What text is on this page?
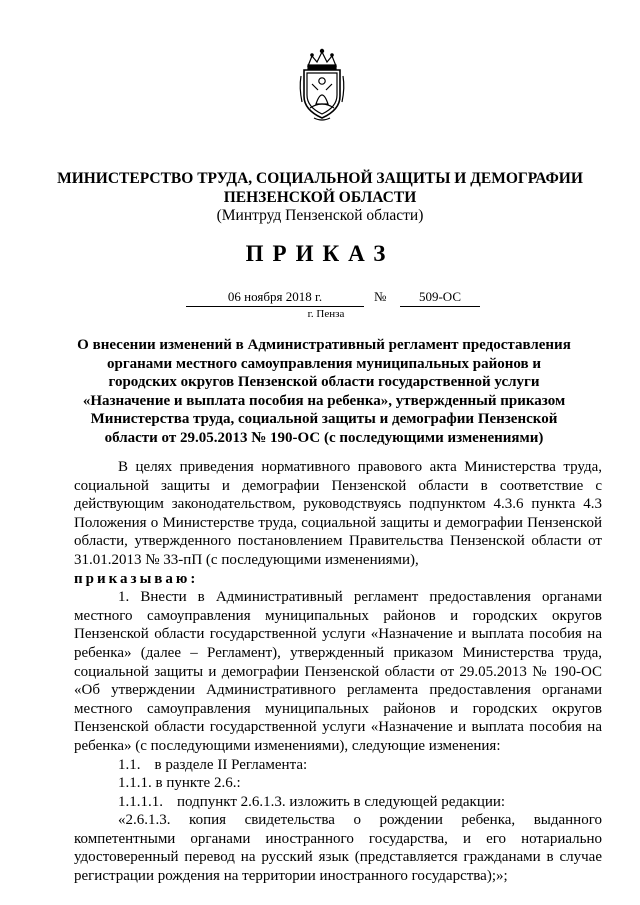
МИНИСТЕРСТВО ТРУДА, СОЦИАЛЬНОЙ ЗАЩИТЫ И ДЕМОГРАФИИ
ПЕНЗЕНСКОЙ ОБЛАСТИ
(Минтруд Пензенской области)
ПРИКАЗ
06 ноября 2018 г.	№	509-ОС
г. Пенза
О внесении изменений в Административный регламент предоставления органами местного самоуправления муниципальных районов и городских округов Пензенской области государственной услуги «Назначение и выплата пособия на ребенка», утвержденный приказом Министерства труда, социальной защиты и демографии Пензенской области от 29.05.2013 № 190-ОС (с последующими изменениями)

В целях приведения нормативного правового акта Министерства труда, социальной защиты и демографии Пензенской области в соответствие с действующим законодательством, руководствуясь подпунктом 4.3.6 пункта 4.3 Положения о Министерстве труда, социальной защиты и демографии Пензенской области, утвержденного постановлением Правительства Пензенской области от 31.01.2013 № 33-пП (с последующими изменениями),

приказываю:

1. Внести в Административный регламент предоставления органами местного самоуправления муниципальных районов и городских округов Пензенской области государственной услуги «Назначение и выплата пособия на ребенка» (далее – Регламент), утвержденный приказом Министерства труда, социальной защиты и демографии Пензенской области от 29.05.2013 № 190-ОС «Об утверждении Административного регламента предоставления органами местного самоуправления муниципальных районов и городских округов Пензенской области государственной услуги «Назначение и выплата пособия на ребенка» (с последующими изменениями), следующие изменения:

1.1. в разделе II Регламента:

1.1.1. в пункте 2.6.:

1.1.1.1. подпункт 2.6.1.3. изложить в следующей редакции:

«2.6.1.3. копия свидетельства о рождении ребенка, выданного компетентными органами иностранного государства, и его нотариально удостоверенный перевод на русский язык (представляется гражданами в случае регистрации рождения на территории иностранного государства);»;
